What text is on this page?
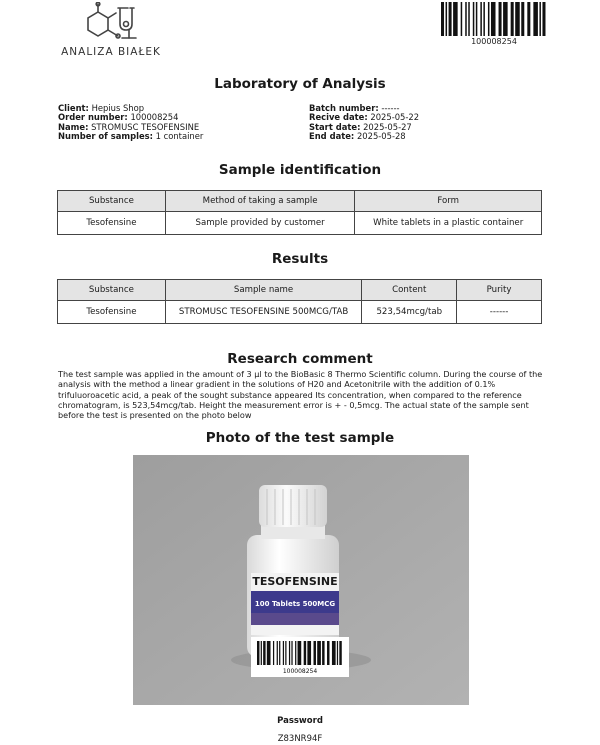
ANALIZA BIAŁEK
100008254
Laboratory of Analysis
Client: Hepius Shop
Order number: 100008254
Name: STROMUSC TESOFENSINE
Number of samples: 1 container
Batch number: ------
Recive date: 2025-05-22
Start date: 2025-05-27
End date: 2025-05-28
Sample identification
Substance	Method of taking a sample	Form
Tesofensine	Sample provided by customer	White tablets in a plastic container
Results
Substance	Sample name	Content	Purity
Tesofensine	STROMUSC TESOFENSINE 500MCG/TAB	523,54mcg/tab	------
Research comment
The test sample was applied in the amount of 3 µl to the BioBasic 8 Thermo Scientific column. During the course of the analysis with the method a linear gradient in the solutions of H20 and Acetonitrile with the addition of 0.1% trifuluoroacetic acid, a peak of the sought substance appeared Its concentration, when compared to the reference chromatogram, is 523,54mcg/tab. Height the measurement error is + - 0,5mcg. The actual state of the sample sent before the test is presented on the photo below
Photo of the test sample
TESOFENSINE
100 Tablets 500MCG
100008254
Password
Z83NR94F
